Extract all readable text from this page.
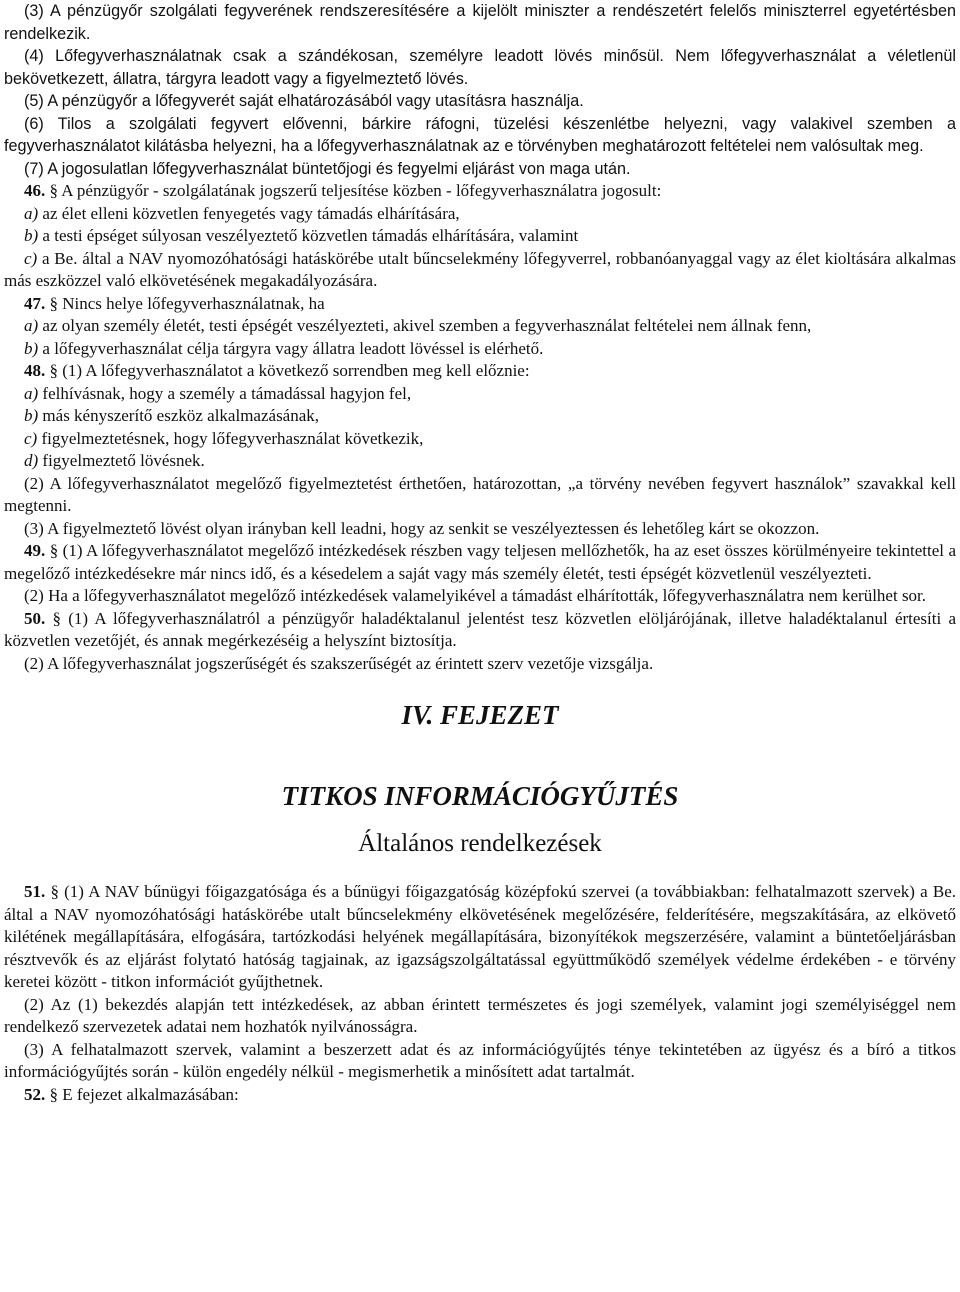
(3) A pénzügyőr szolgálati fegyverének rendszeresítésére a kijelölt miniszter a rendészetért felelős miniszterrel egyetértésben rendelkezik.

(4) Lőfegyverhasználatnak csak a szándékosan, személyre leadott lövés minősül. Nem lőfegyverhasználat a véletlenül bekövetkezett, állatra, tárgyra leadott vagy a figyelmeztető lövés.

(5) A pénzügyőr a lőfegyverét saját elhatározásából vagy utasításra használja.

(6) Tilos a szolgálati fegyvert elővenni, bárkire ráfogni, tüzelési készenlétbe helyezni, vagy valakivel szemben a fegyverhasználatot kilátásba helyezni, ha a lőfegyverhasználatnak az e törvényben meghatározott feltételei nem valósultak meg.

(7) A jogosulatlan lőfegyverhasználat büntetőjogi és fegyelmi eljárást von maga után.

46. § A pénzügyőr - szolgálatának jogszerű teljesítése közben - lőfegyverhasználatra jogosult:

a) az élet elleni közvetlen fenyegetés vagy támadás elhárítására,

b) a testi épséget súlyosan veszélyeztető közvetlen támadás elhárítására, valamint

c) a Be. által a NAV nyomozóhatósági hatáskörébe utalt bűncselekmény lőfegyverrel, robbanóanyaggal vagy az élet kioltására alkalmas más eszközzel való elkövetésének megakadályozására.

47. § Nincs helye lőfegyverhasználatnak, ha

a) az olyan személy életét, testi épségét veszélyezteti, akivel szemben a fegyverhasználat feltételei nem állnak fenn,

b) a lőfegyverhasználat célja tárgyra vagy állatra leadott lövéssel is elérhető.

48. § (1) A lőfegyverhasználatot a következő sorrendben meg kell előznie:

a) felhívásnak, hogy a személy a támadással hagyjon fel,

b) más kényszerítő eszköz alkalmazásának,

c) figyelmeztetésnek, hogy lőfegyverhasználat következik,

d) figyelmeztető lövésnek.

(2) A lőfegyverhasználatot megelőző figyelmeztetést érthetően, határozottan, „a törvény nevében fegyvert használok” szavakkal kell megtenni.

(3) A figyelmeztető lövést olyan irányban kell leadni, hogy az senkit se veszélyeztessen és lehetőleg kárt se okozzon.

49. § (1) A lőfegyverhasználatot megelőző intézkedések részben vagy teljesen mellőzhetők, ha az eset összes körülményeire tekintettel a megelőző intézkedésekre már nincs idő, és a késedelem a saját vagy más személy életét, testi épségét közvetlenül veszélyezteti.

(2) Ha a lőfegyverhasználatot megelőző intézkedések valamelyikével a támadást elhárították, lőfegyverhasználatra nem kerülhet sor.

50. § (1) A lőfegyverhasználatról a pénzügyőr haladéktalanul jelentést tesz közvetlen elöljárójának, illetve haladéktalanul értesíti a közvetlen vezetőjét, és annak megérkezéséig a helyszínt biztosítja.

(2) A lőfegyverhasználat jogszerűségét és szakszerűségét az érintett szerv vezetője vizsgálja.

IV. FEJEZET

TITKOS INFORMÁCIÓGYŰJTÉS

Általános rendelkezések

51. § (1) A NAV bűnügyi főigazgatósága és a bűnügyi főigazgatóság középfokú szervei (a továbbiakban: felhatalmazott szervek) a Be. által a NAV nyomozóhatósági hatáskörébe utalt bűncselekmény elkövetésének megelőzésére, felderítésére, megszakítására, az elkövető kilétének megállapítására, elfogására, tartózkodási helyének megállapítására, bizonyítékok megszerzésére, valamint a büntetőeljárásban résztvevők és az eljárást folytató hatóság tagjainak, az igazságszolgáltatással együttműködő személyek védelme érdekében - e törvény keretei között - titkon információt gyűjthetnek.

(2) Az (1) bekezdés alapján tett intézkedések, az abban érintett természetes és jogi személyek, valamint jogi személyiséggel nem rendelkező szervezetek adatai nem hozhatók nyilvánosságra.

(3) A felhatalmazott szervek, valamint a beszerzett adat és az információgyűjtés ténye tekintetében az ügyész és a bíró a titkos információgyűjtés során - külön engedély nélkül - megismerhetik a minősített adat tartalmát.

52. § E fejezet alkalmazásában:
